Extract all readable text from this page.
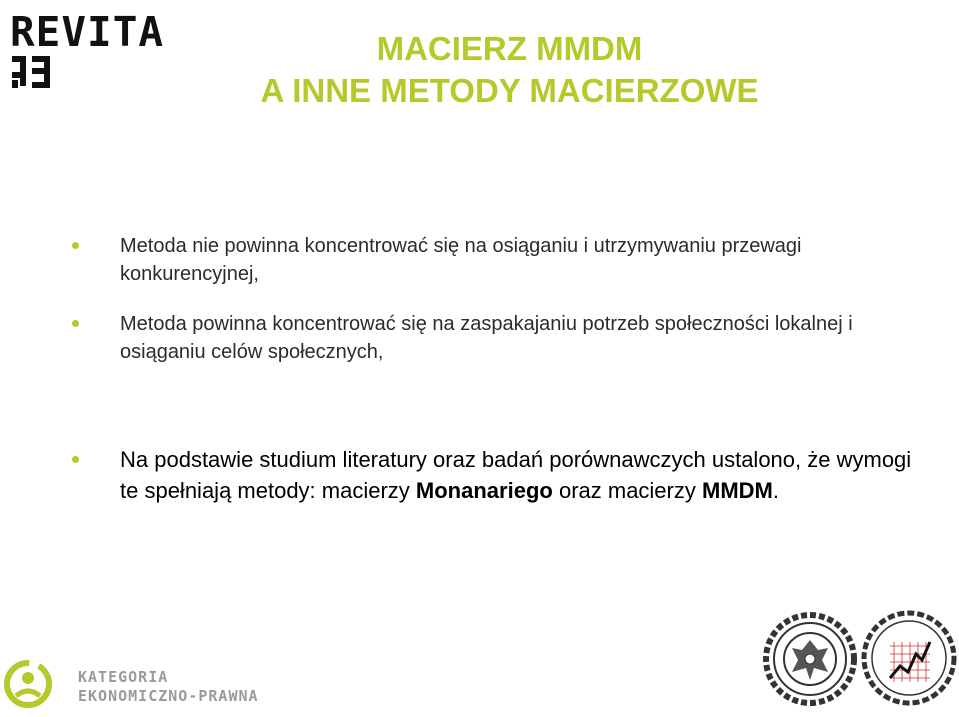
REVITA	MACIERZ MMDM
A INNE METODY MACIERZOWE
Metoda nie powinna koncentrować się na osiąganiu i utrzymywaniu przewagi konkurencyjnej,
Metoda powinna koncentrować się na zaspakajaniu potrzeb społeczności lokalnej i osiąganiu celów społecznych,
Na podstawie studium literatury oraz badań porównawczych ustalono, że wymogi te spełniają metody: macierzy Monanariego oraz macierzy MMDM.
KATEGORIA
EKONOMICZNO-PRAWNA
